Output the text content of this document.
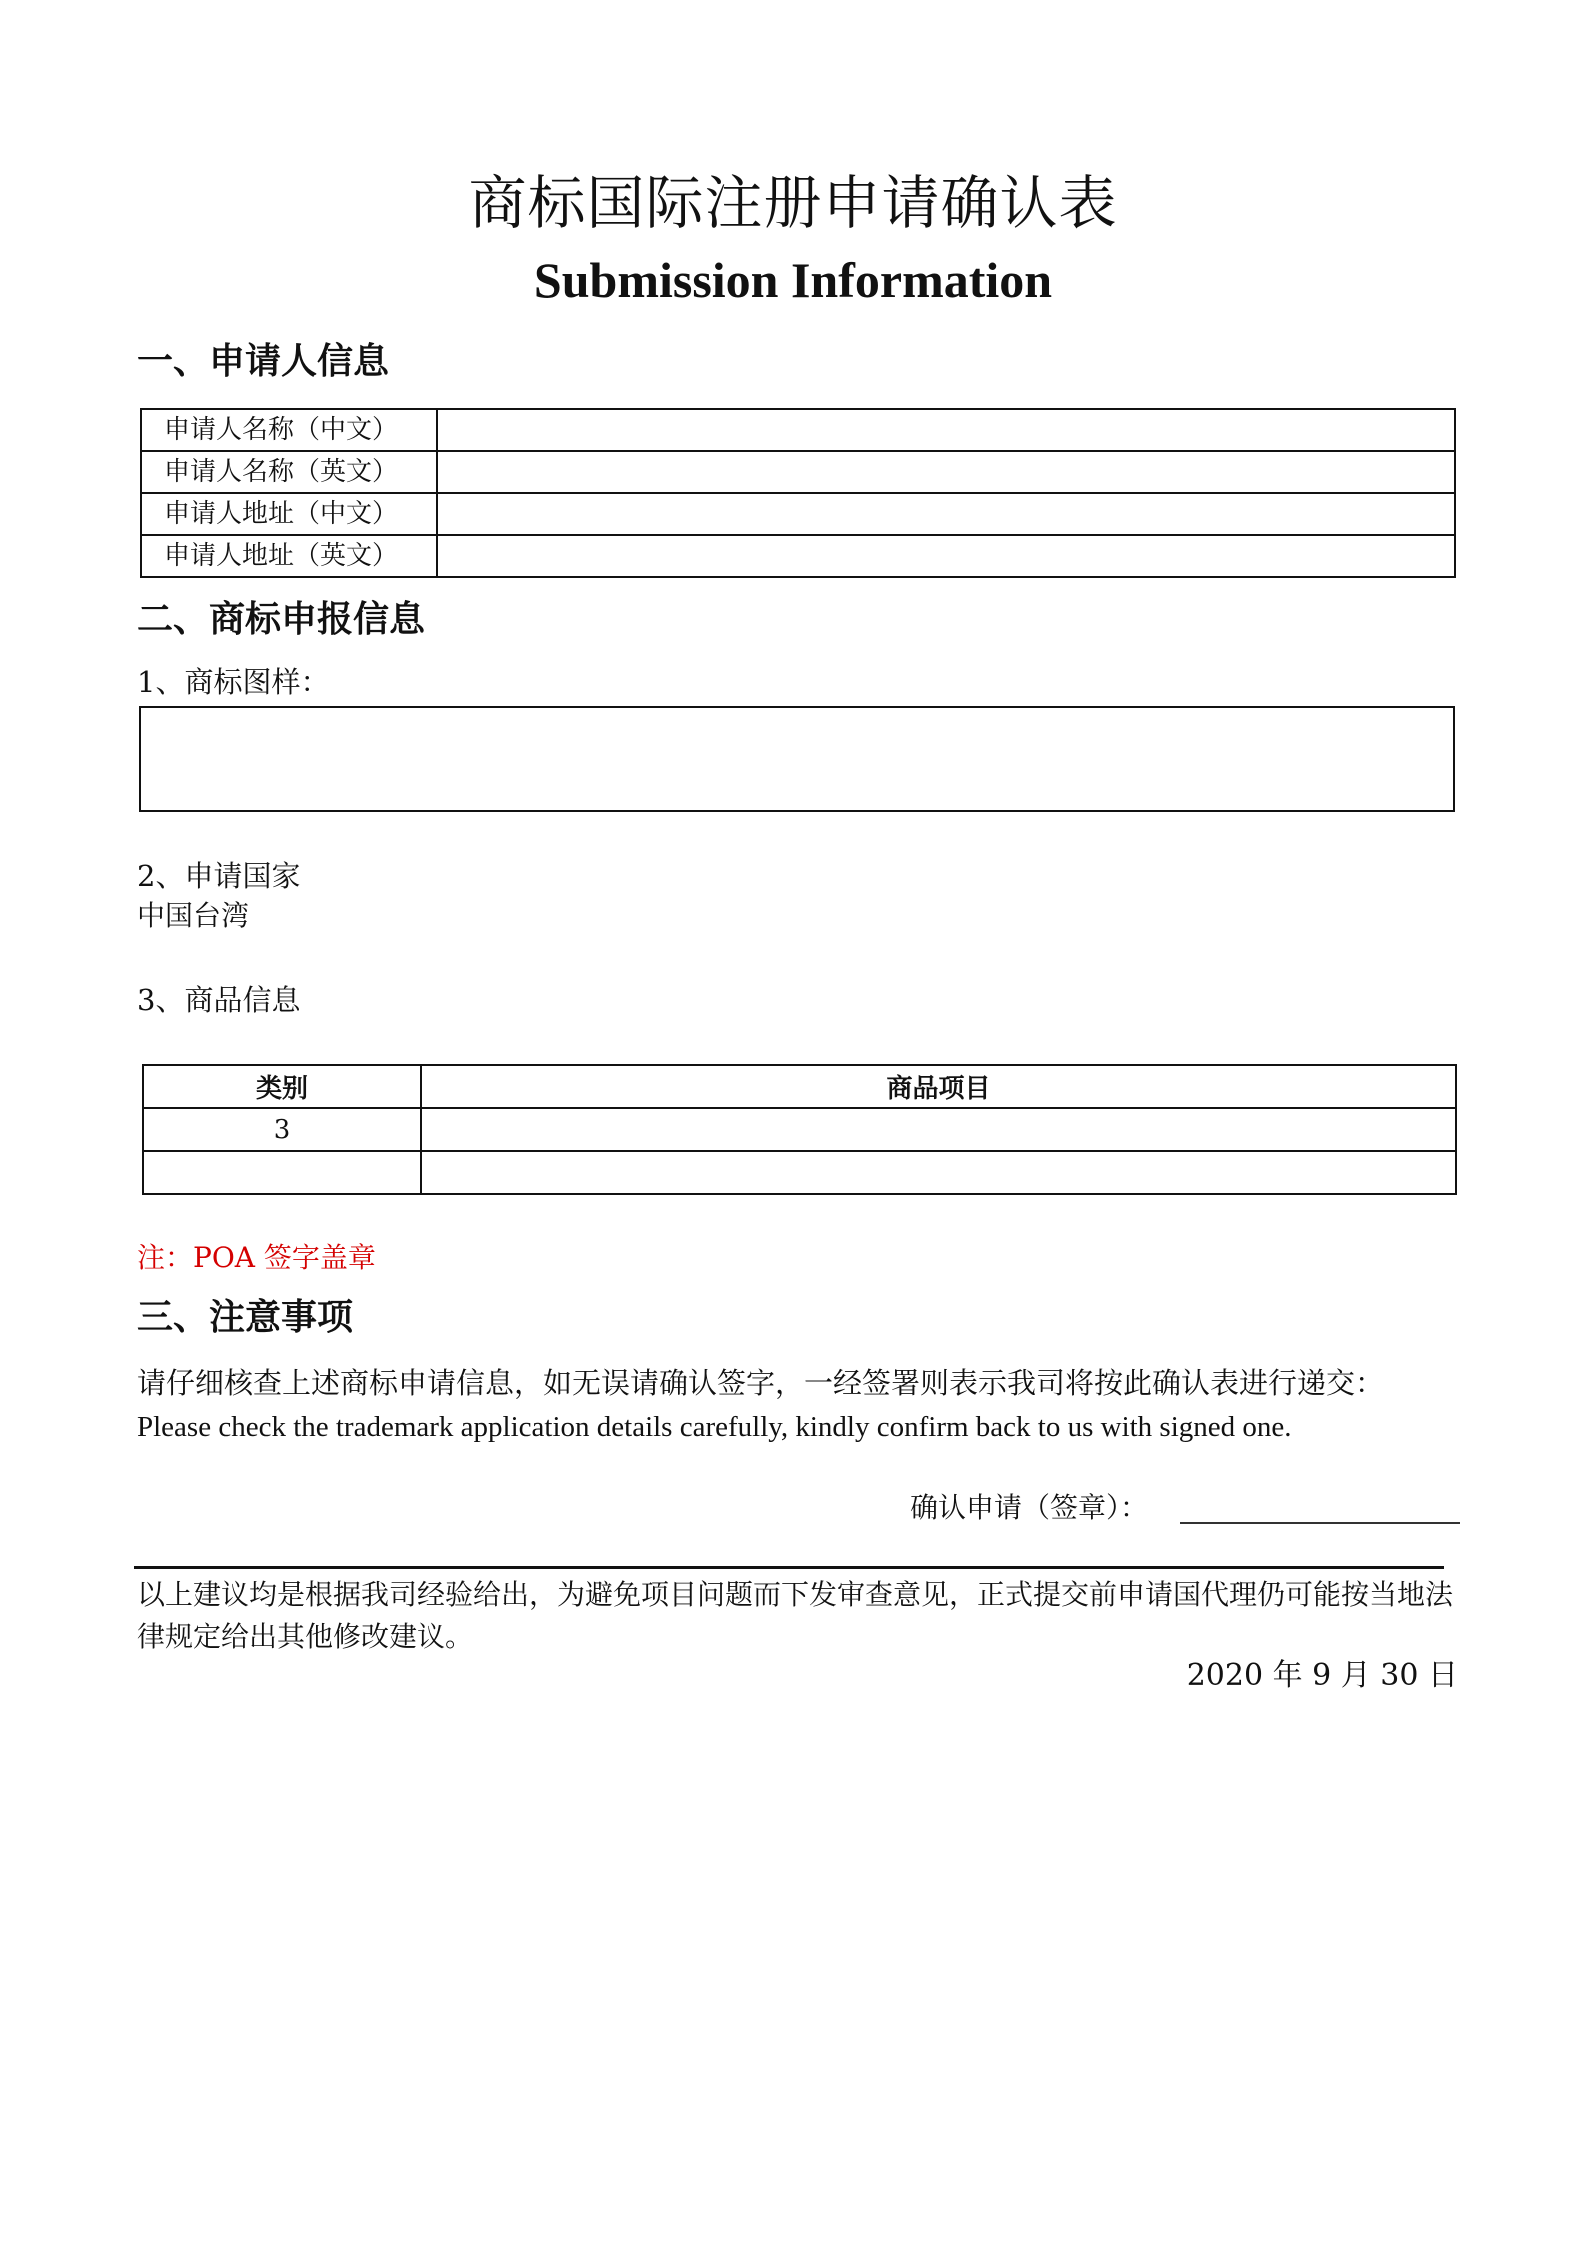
商标国际注册申请确认表
Submission Information
一、申请人信息
申请人名称（中文）	
申请人名称（英文）	
申请人地址（中文）	
申请人地址（英文）	
二、商标申报信息
1、商标图样：
2、申请国家
中国台湾
3、商品信息
类别	商品项目
3	

注：POA 签字盖章
三、注意事项
请仔细核查上述商标申请信息，如无误请确认签字，一经签署则表示我司将按此确认表进行递交：
Please check the trademark application details carefully, kindly confirm back to us with signed one.
确认申请（签章）：
以上建议均是根据我司经验给出，为避免项目问题而下发审查意见，正式提交前申请国代理仍可能按当地法律规定给出其他修改建议。
2020 年 9 月 30 日
